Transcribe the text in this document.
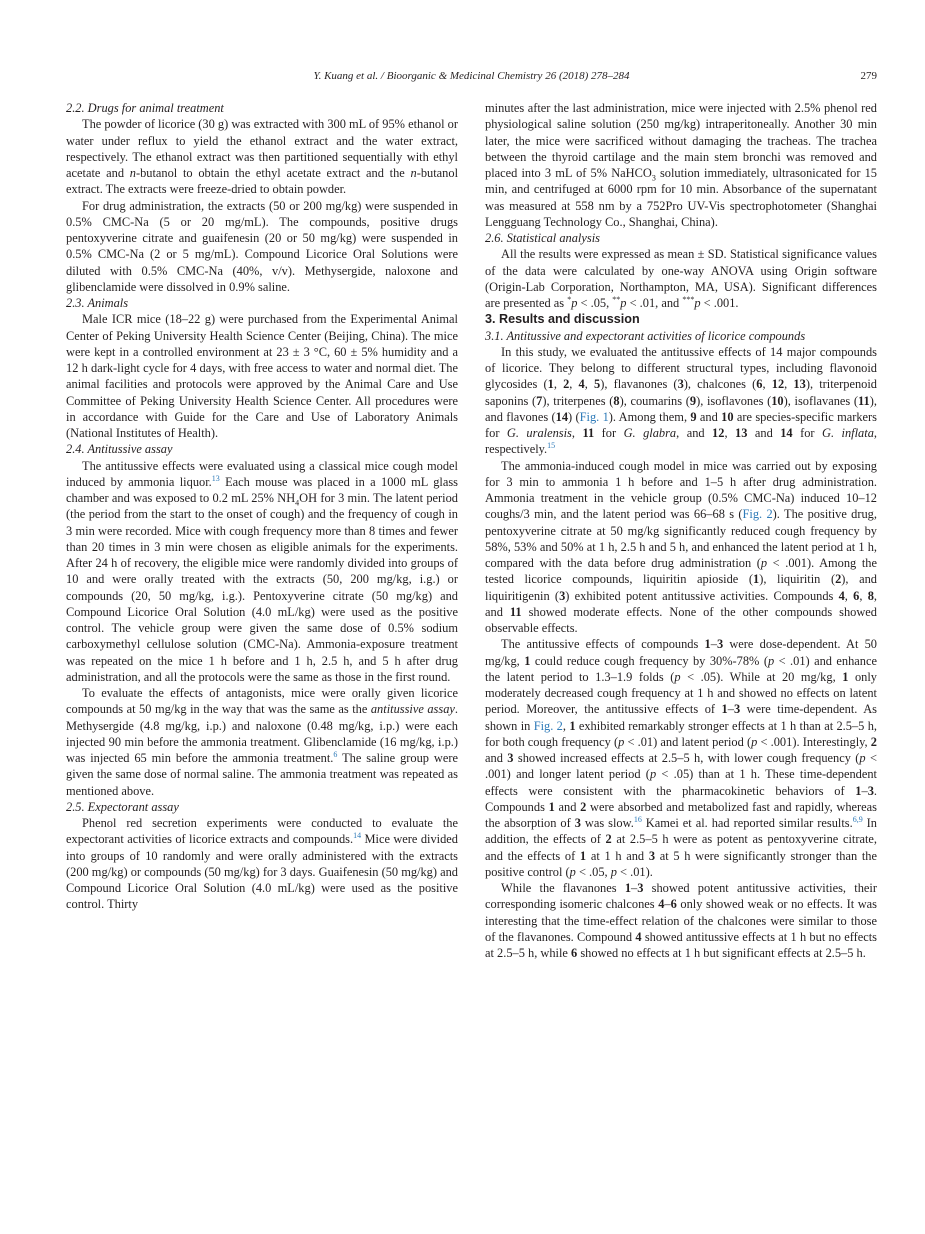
Y. Kuang et al. / Bioorganic & Medicinal Chemistry 26 (2018) 278–284	279
2.2. Drugs for animal treatment

The powder of licorice (30 g) was extracted with 300 mL of 95% ethanol or water under reflux to yield the ethanol extract and the water extract, respectively. The ethanol extract was then partitioned sequentially with ethyl acetate and n-butanol to obtain the ethyl acetate extract and the n-butanol extract. The extracts were freeze-dried to obtain powder.

For drug administration, the extracts (50 or 200 mg/kg) were suspended in 0.5% CMC-Na (5 or 20 mg/mL). The compounds, positive drugs pentoxyverine citrate and guaifenesin (20 or 50 mg/kg) were suspended in 0.5% CMC-Na (2 or 5 mg/mL). Compound Licorice Oral Solutions were diluted with 0.5% CMC-Na (40%, v/v). Methysergide, naloxone and glibenclamide were dissolved in 0.9% saline.

2.3. Animals

Male ICR mice (18–22 g) were purchased from the Experimental Animal Center of Peking University Health Science Center (Beijing, China). The mice were kept in a controlled environment at 23 ± 3 °C, 60 ± 5% humidity and a 12 h dark-light cycle for 4 days, with free access to water and normal diet. The animal facilities and protocols were approved by the Animal Care and Use Committee of Peking University Health Science Center. All procedures were in accordance with Guide for the Care and Use of Laboratory Animals (National Institutes of Health).

2.4. Antitussive assay

The antitussive effects were evaluated using a classical mice cough model induced by ammonia liquor.$^{13}$ Each mouse was placed in a 1000 mL glass chamber and was exposed to 0.2 mL 25% $NH_4OH$ for 3 min. The latent period (the period from the start to the onset of cough) and the frequency of cough in 3 min were recorded. Mice with cough frequency more than 8 times and fewer than 20 times in 3 min were chosen as eligible animals for the experiments. After 24 h of recovery, the eligible mice were randomly divided into groups of 10 and were orally treated with the extracts (50, 200 mg/kg, i.g.) or compounds (20, 50 mg/kg, i.g.). Pentoxyverine citrate (50 mg/kg) and Compound Licorice Oral Solution (4.0 mL/kg) were used as the positive control. The vehicle group were given the same dose of 0.5% sodium carboxymethyl cellulose solution (CMC-Na). Ammonia-exposure treatment was repeated on the mice 1 h before and 1 h, 2.5 h, and 5 h after drug administration, and all the protocols were the same as those in the first round.

To evaluate the effects of antagonists, mice were orally given licorice compounds at 50 mg/kg in the way that was the same as the antitussive assay. Methysergide (4.8 mg/kg, i.p.) and naloxone (0.48 mg/kg, i.p.) were each injected 90 min before the ammonia treatment. Glibenclamide (16 mg/kg, i.p.) was injected 65 min before the ammonia treatment.$^6$ The saline group were given the same dose of normal saline. The ammonia treatment was repeated as mentioned above.

2.5. Expectorant assay

Phenol red secretion experiments were conducted to evaluate the expectorant activities of licorice extracts and compounds.$^{14}$ Mice were divided into groups of 10 randomly and were orally administered with the extracts (200 mg/kg) or compounds (50 mg/kg) for 3 days. Guaifenesin (50 mg/kg) and Compound Licorice Oral Solution (4.0 mL/kg) were used as the positive control. Thirty

minutes after the last administration, mice were injected with 2.5% phenol red physiological saline solution (250 mg/kg) intraperitoneally. Another 30 min later, the mice were sacrificed without damaging the tracheas. The trachea between the thyroid cartilage and the main stem bronchi was removed and placed into 3 mL of 5% NaHCO$_3$ solution immediately, ultrasonicated for 15 min, and centrifuged at 6000 rpm for 10 min. Absorbance of the supernatant was measured at 558 nm by a 752Pro UV-Vis spectrophotometer (Shanghai Lengguang Technology Co., Shanghai, China).

2.6. Statistical analysis

All the results were expressed as mean ± SD. Statistical significance values of the data were calculated by one-way ANOVA using Origin software (Origin-Lab Corporation, Northampton, MA, USA). Significant differences are presented as *p < .05, **p < .01, and ***p < .001.

3. Results and discussion
3.1. Antitussive and expectorant activities of licorice compounds

In this study, we evaluated the antitussive effects of 14 major compounds of licorice. They belong to different structural types, including flavonoid glycosides (1, 2, 4, 5), flavanones (3), chalcones (6, 12, 13), triterpenoid saponins (7), triterpenes (8), coumarins (9), isoflavones (10), isoflavanes (11), and flavones (14) (Fig. 1). Among them, 9 and 10 are species-specific markers for G. uralensis, 11 for G. glabra, and 12, 13 and 14 for G. inflata, respectively.$^{15}$

The ammonia-induced cough model in mice was carried out by exposing for 3 min to ammonia 1 h before and 1–5 h after drug administration. Ammonia treatment in the vehicle group (0.5% CMC-Na) induced 10–12 coughs/3 min, and the latent period was 66–68 s (Fig. 2). The positive drug, pentoxyverine citrate at 50 mg/kg significantly reduced cough frequency by 58%, 53% and 50% at 1 h, 2.5 h and 5 h, and enhanced the latent period at 1 h, compared with the data before drug administration (p < .001). Among the tested licorice compounds, liquiritin apioside (1), liquiritin (2), and liquiritigenin (3) exhibited potent antitussive activities. Compounds 4, 6, 8, and 11 showed moderate effects. None of the other compounds showed observable effects.

The antitussive effects of compounds 1–3 were dose-dependent. At 50 mg/kg, 1 could reduce cough frequency by 30%-78% (p < .01) and enhance the latent period to 1.3–1.9 folds (p < .05). While at 20 mg/kg, 1 only moderately decreased cough frequency at 1 h and showed no effects on latent period. Moreover, the antitussive effects of 1–3 were time-dependent. As shown in Fig. 2, 1 exhibited remarkably stronger effects at 1 h than at 2.5–5 h, for both cough frequency (p < .01) and latent period (p < .001). Interestingly, 2 and 3 showed increased effects at 2.5–5 h, with lower cough frequency (p < .001) and longer latent period (p < .05) than at 1 h. These time-dependent effects were consistent with the pharmacokinetic behaviors of 1–3. Compounds 1 and 2 were absorbed and metabolized fast and rapidly, whereas the absorption of 3 was slow.$^{16}$ Kamei et al. had reported similar results.$^{6,9}$ In addition, the effects of 2 at 2.5–5 h were as potent as pentoxyverine citrate, and the effects of 1 at 1 h and 3 at 5 h were significantly stronger than the positive control (p < .05, p < .01).

While the flavanones 1–3 showed potent antitussive activities, their corresponding isomeric chalcones 4–6 only showed weak or no effects. It was interesting that the time-effect relation of the chalcones were similar to those of the flavanones. Compound 4 showed antitussive effects at 1 h but no effects at 2.5–5 h, while 6 showed no effects at 1 h but significant effects at 2.5–5 h.
